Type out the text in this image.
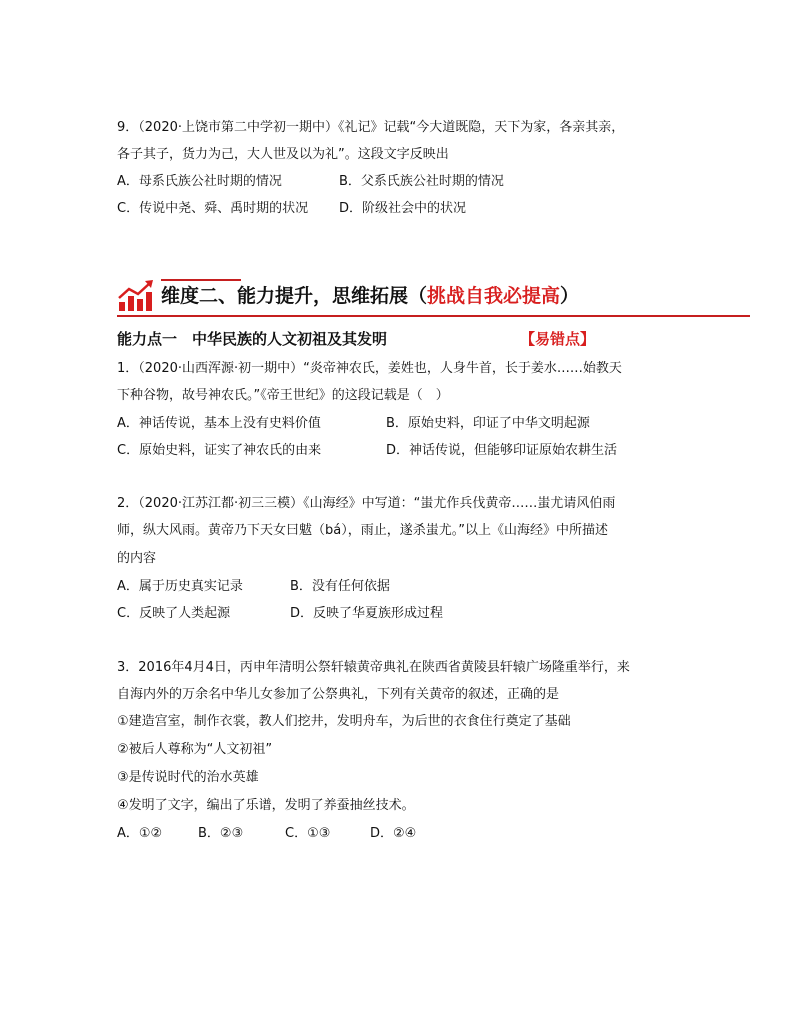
9．（2020·上饶市第二中学初一期中）《礼记》记载“今大道既隐，天下为家，各亲其亲，
各子其子，货力为己，大人世及以为礼”。这段文字反映出
A．母系氏族公社时期的情况	B．父系氏族公社时期的情况
C．传说中尧、舜、禹时期的状况 D．阶级社会中的状况
维度二、能力提升，思维拓展（挑战自我必提高）
能力点一　中华民族的人文初祖及其发明	【易错点】
1．（2020·山西浑源·初一期中）“炎帝神农氏，姜姓也，人身牛首，长于姜水……始教天
下种谷物，故号神农氏。”《帝王世纪》的这段记载是（　）
A．神话传说，基本上没有史料价值	B．原始史料，印证了中华文明起源
C．原始史料，证实了神农氏的由来	D．神话传说，但能够印证原始农耕生活
2．（2020·江苏江都·初三三模）《山海经》中写道：“蚩尤作兵伐黄帝……蚩尤请风伯雨
师，纵大风雨。黄帝乃下天女曰魃（bá），雨止，遂杀蚩尤。”以上《山海经》中所描述
的内容
A．属于历史真实记录	B．没有任何依据
C．反映了人类起源	D．反映了华夏族形成过程
3．2016年4月4日，丙申年清明公祭轩辕黄帝典礼在陕西省黄陵县轩辕广场隆重举行，来
自海内外的万余名中华儿女参加了公祭典礼，下列有关黄帝的叙述，正确的是
①建造宫室，制作衣裳，教人们挖井，发明舟车，为后世的衣食住行奠定了基础
②被后人尊称为“人文初祖”
③是传说时代的治水英雄
④发明了文字，编出了乐谱，发明了养蚕抽丝技术。
A．①②	B．②③	C．①③	D．②④
